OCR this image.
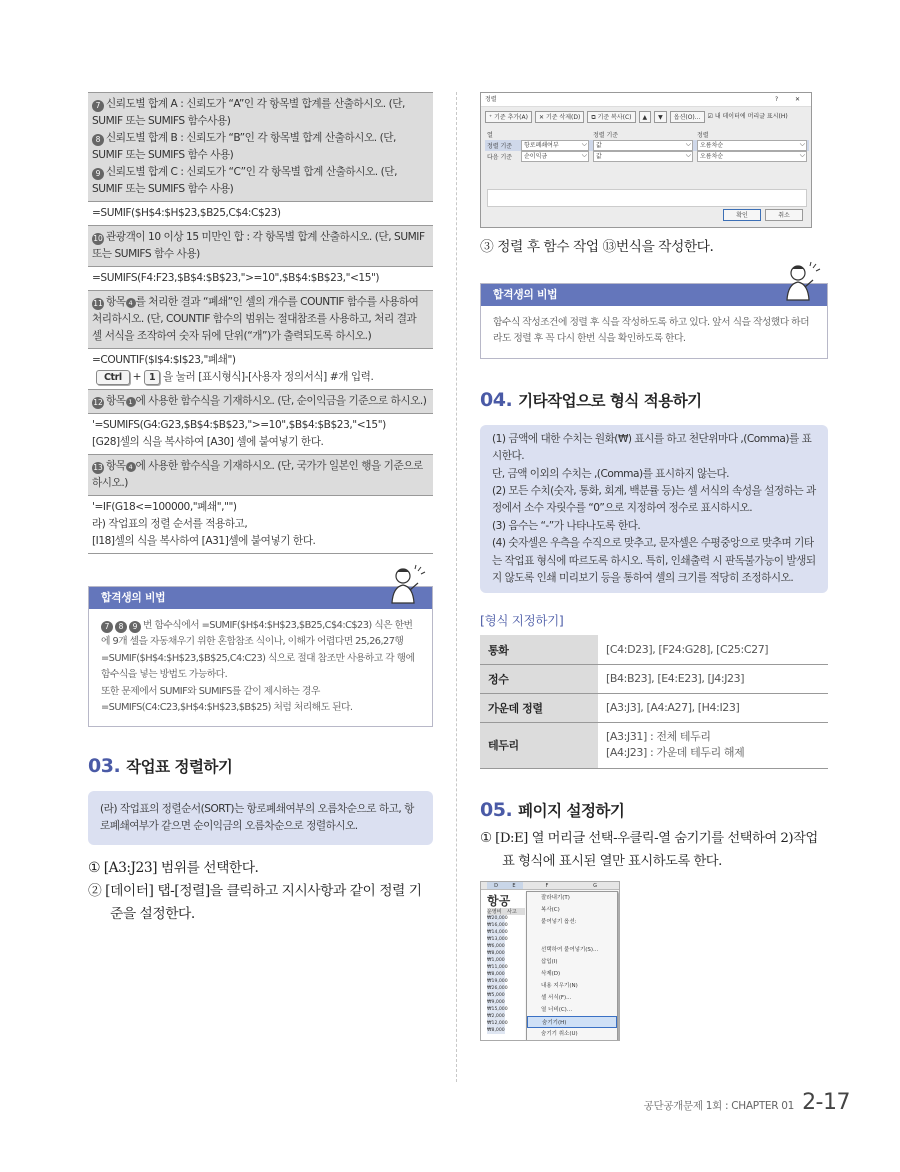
7 신뢰도별 합계 A : 신뢰도가 “A”인 각 항목별 합계를 산출하시오. (단, SUMIF 또는 SUMIFS 함수사용)
8 신뢰도별 합계 B : 신뢰도가 “B”인 각 항목별 합계 산출하시오. (단, SUMIF 또는 SUMIFS 함수 사용)
9 신뢰도별 합계 C : 신뢰도가 “C”인 각 항목별 합계 산출하시오. (단, SUMIF 또는 SUMIFS 함수 사용)
=SUMIF($H$4:$H$23,$B25,C$4:C$23)
10 관광객이 10 이상 15 미만인 합 : 각 항목별 합계 산출하시오. (단, SUMIF 또는 SUMIFS 함수 사용)
=SUMIFS(F4:F23,$B$4:$B$23,">=10",$B$4:$B$23,"<15")
11 항목 4 를 처리한 결과 “폐쇄”인 셀의 개수를 COUNTIF 함수를 사용하여 처리하시오. (단, COUNTIF 함수의 범위는 절대참조를 사용하고, 처리 결과 셀 서식을 조작하여 숫자 뒤에 단위(“개”)가 출력되도록 하시오.)
=COUNTIF($I$4:$I$23,"폐쇄")
Ctrl + 1 을 눌러 [표시형식]-[사용자 정의서식] #개 입력.
12 항목 1 에 사용한 함수식을 기재하시오. (단, 순이익금을 기준으로 하시오.)
'=SUMIFS(G4:G23,$B$4:$B$23,">=10",$B$4:$B$23,"<15")
[G28]셀의 식을 복사하여 [A30] 셀에 붙여넣기 한다.
13 항목 4 에 사용한 함수식을 기재하시오. (단, 국가가 일본인 행을 기준으로 하시오.)
'=IF(G18<=100000,"폐쇄","")
라) 작업표의 정렬 순서를 적용하고,
[I18]셀의 식을 복사하여 [A31]셀에 붙여넣기 한다.
합격생의 비법
7 8 9 번 함수식에서 =SUMIF($H$4:$H$23,$B25,C$4:C$23) 식은 한번에 9개 셀을 자동채우기 위한 혼합참조 식이나, 이해가 어렵다면 25,26,27행 =SUMIF($H$4:$H$23,$B$25,C4:C23) 식으로 절대 참조만 사용하고 각 행에 함수식을 넣는 방법도 가능하다.
또한 문제에서 SUMIF와 SUMIFS를 같이 제시하는 경우 =SUMIFS(C4:C23,$H$4:$H$23,$B$25) 처럼 처리해도 된다.
03. 작업표 정렬하기
(라) 작업표의 정렬순서(SORT)는 항로폐쇄여부의 오름차순으로 하고, 항로폐쇄여부가 같으면 순이익금의 오름차순으로 정렬하시오.
① [A3:J23] 범위를 선택한다.
② [데이터] 탭-[정렬]을 클릭하고 지시사항과 같이 정렬 기준을 설정한다.
정렬	?	✕
⁺ 기준 추가(A)	✕ 기준 삭제(D)	⧉ 기준 복사(C)	▲	▼	옵션(O)...	☑ 내 데이터에 머리글 표시(H)
열		정렬 기준	정렬
정렬 기준	항로폐쇄여부 ⌵	값 ⌵	오름차순 ⌵

다음 기준	순이익금 ⌵	값 ⌵	오름차순 ⌵
확인	취소
③ 정렬 후 함수 작업 ⑬번식을 작성한다.
합격생의 비법
함수식 작성조건에 정렬 후 식을 작성하도록 하고 있다. 앞서 식을 작성했다 하더라도 정렬 후 꼭 다시 한번 식을 확인하도록 한다.
04. 기타작업으로 형식 적용하기
(1) 금액에 대한 수치는 원화(₩) 표시를 하고 천단위마다 ,(Comma)를 표시한다.
단, 금액 이외의 수치는 ,(Comma)를 표시하지 않는다.
(2) 모든 수치(숫자, 통화, 회계, 백분률 등)는 셀 서식의 속성을 설정하는 과정에서 소수 자릿수를 “0”으로 지정하여 정수로 표시하시오.
(3) 음수는 “-”가 나타나도록 한다.
(4) 숫자셀은 우측을 수직으로 맞추고, 문자셀은 수평중앙으로 맞추며 기타는 작업표 형식에 따르도록 하시오. 특히, 인쇄출력 시 판독불가능이 발생되지 않도록 인쇄 미리보기 등을 통하여 셀의 크기를 적당히 조정하시오.
[형식 지정하기]
통화	[C4:D23], [F24:G28], [C25:C27]
정수	[B4:B23], [E4:E23], [J4:J23]
가운데 정렬	[A3:J3], [A4:A27], [H4:I23]
테두리	[A3:J31] : 전체 테두리
[A4:J23] : 가운데 테두리 해제
05. 페이지 설정하기
① [D:E] 열 머리글 선택-우클릭-열 숨기기를 선택하여 2)작업표 형식에 표시된 열만 표시하도록 한다.
D	E	F	G
항공
운영비	사고
₩20,000
₩16,000
₩14,000
₩13,000
₩6,000
₩8,000
₩1,000
₩11,000
₩8,000
₩19,000
₩26,000
₩5,000
₩9,000
₩15,000
₩2,000
₩12,000
₩8,000
잘라내기(T)
복사(C)
붙여넣기 옵션:
선택하여 붙여넣기(S)...
삽입(I)
삭제(D)
내용 지우기(N)
셀 서식(F)...
열 너비(C)...
숨기기(H)
숨기기 취소(U)
공단공개문제 1회 : CHAPTER 01 2-17
